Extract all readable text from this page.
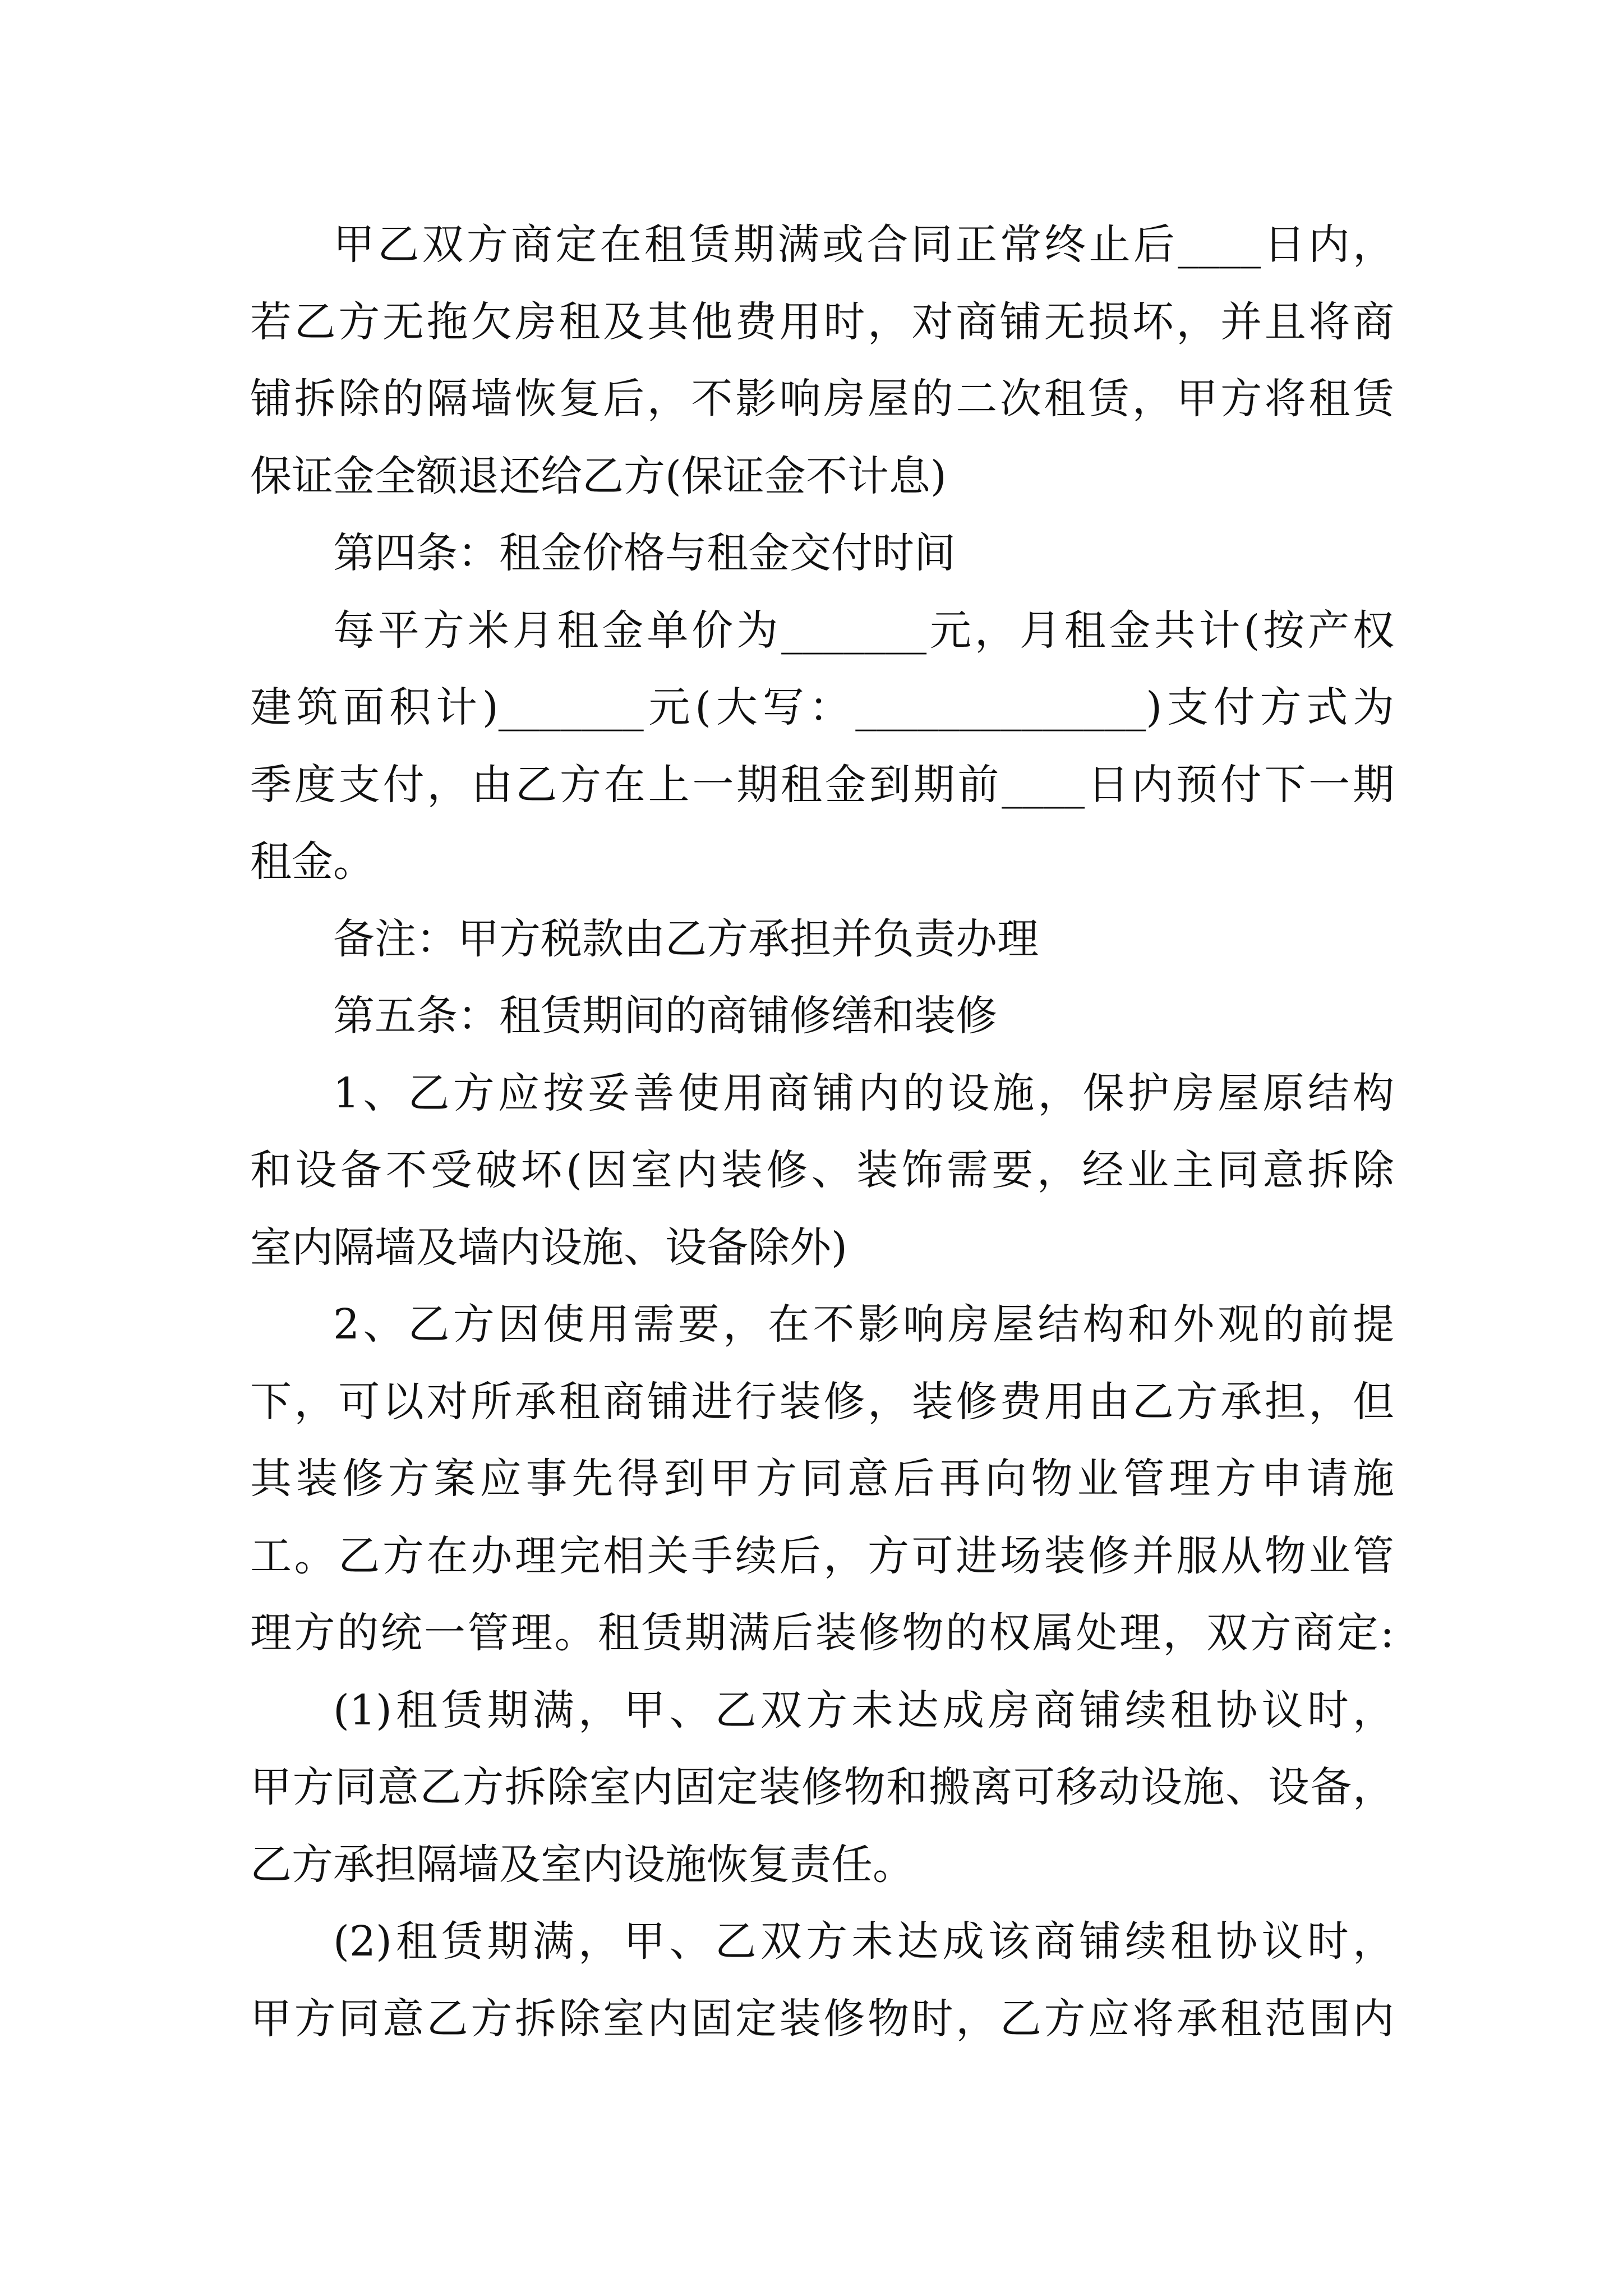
甲乙双方商定在租赁期满或合同正常终止后____日内，
若乙方无拖欠房租及其他费用时，对商铺无损坏，并且将商
铺拆除的隔墙恢复后，不影响房屋的二次租赁，甲方将租赁
保证金全额退还给乙方(保证金不计息)
第四条：租金价格与租金交付时间
每平方米月租金单价为_______元，月租金共计(按产权
建筑面积计)_______元(大写：______________)支付方式为
季度支付，由乙方在上一期租金到期前____日内预付下一期
租金。
备注：甲方税款由乙方承担并负责办理
第五条：租赁期间的商铺修缮和装修
1、乙方应按妥善使用商铺内的设施，保护房屋原结构
和设备不受破坏(因室内装修、装饰需要，经业主同意拆除
室内隔墙及墙内设施、设备除外)
2、乙方因使用需要，在不影响房屋结构和外观的前提
下，可以对所承租商铺进行装修，装修费用由乙方承担，但
其装修方案应事先得到甲方同意后再向物业管理方申请施
工。乙方在办理完相关手续后，方可进场装修并服从物业管
理方的统一管理。租赁期满后装修物的权属处理，双方商定:
(1)租赁期满，甲、乙双方未达成房商铺续租协议时，
甲方同意乙方拆除室内固定装修物和搬离可移动设施、设备，
乙方承担隔墙及室内设施恢复责任。
(2)租赁期满，甲、乙双方未达成该商铺续租协议时，
甲方同意乙方拆除室内固定装修物时，乙方应将承租范围内
